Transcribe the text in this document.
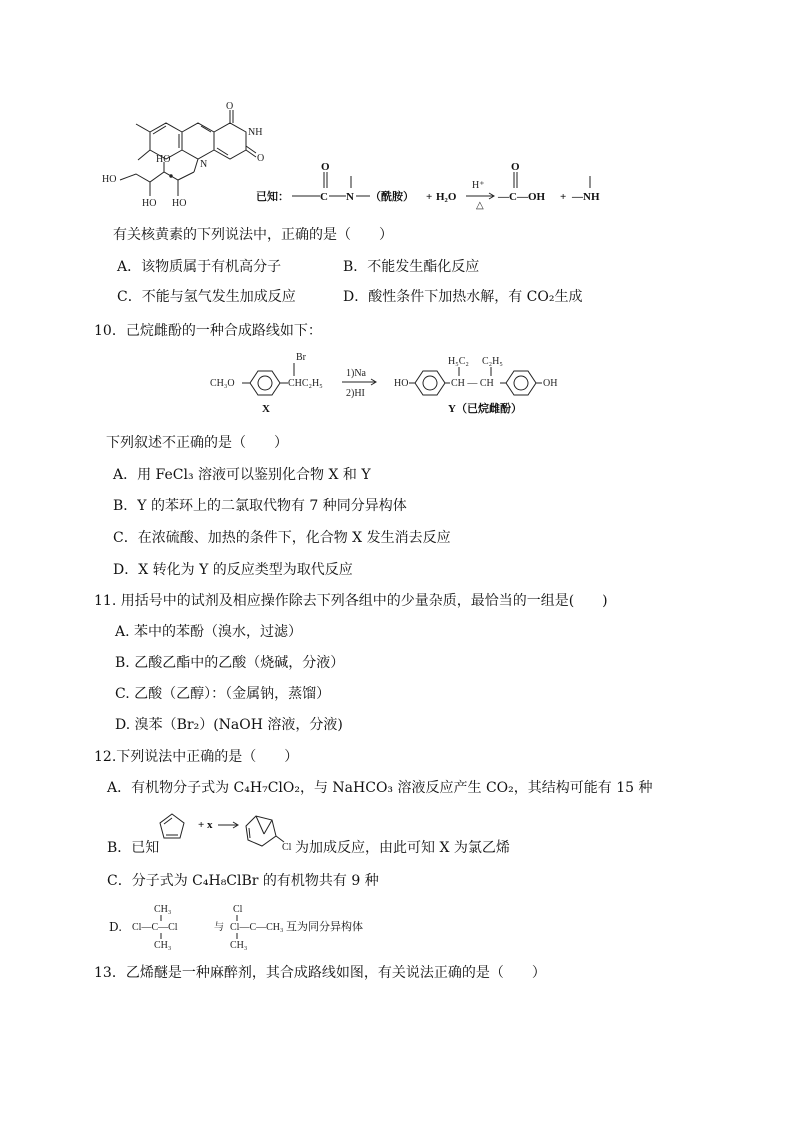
O
O
NH
N
HO
HO
HO
HO
已知：	C
O
N （酰胺） + H₂O
H⁺
△
—C—OH
O
+ —NH
有关核黄素的下列说法中，正确的是（　　）
A．该物质属于有机高分子	B．不能发生酯化反应
C．不能与氢气发生加成反应	D．酸性条件下加热水解，有 CO₂生成
10．己烷雌酚的一种合成路线如下：
CH₃O
Br
CHC₂H₅
X
1)Na
2)HI
HO
H₅C₂ C₂H₅
CH — CH	OH
Y（已烷雌酚）
下列叙述不正确的是（　　）
A．用 FeCl₃ 溶液可以鉴别化合物 X 和 Y
B．Y 的苯环上的二氯取代物有 7 种同分异构体
C．在浓硫酸、加热的条件下，化合物 X 发生消去反应
D．X 转化为 Y 的反应类型为取代反应
11. 用括号中的试剂及相应操作除去下列各组中的少量杂质，最恰当的一组是(　　)
A. 苯中的苯酚（溴水，过滤）
B. 乙酸乙酯中的乙酸（烧碱，分液）
C. 乙酸（乙醇）：（金属钠，蒸馏）
D. 溴苯（Br₂）(NaOH 溶液，分液)
12.下列说法中正确的是（　　）
A．有机物分子式为 C₄H₇ClO₂，与 NaHCO₃ 溶液反应产生 CO₂，其结构可能有 15 种
B．已知
+ x
Cl 为加成反应，由此可知 X 为氯乙烯
C．分子式为 C₄H₈ClBr 的有机物共有 9 种
D.
CH₃
Cl—C—Cl
CH₃
与
Cl
Cl—C—CH₃
CH₃
互为同分异构体
13．乙烯醚是一种麻醉剂，其合成路线如图，有关说法正确的是（　　）
